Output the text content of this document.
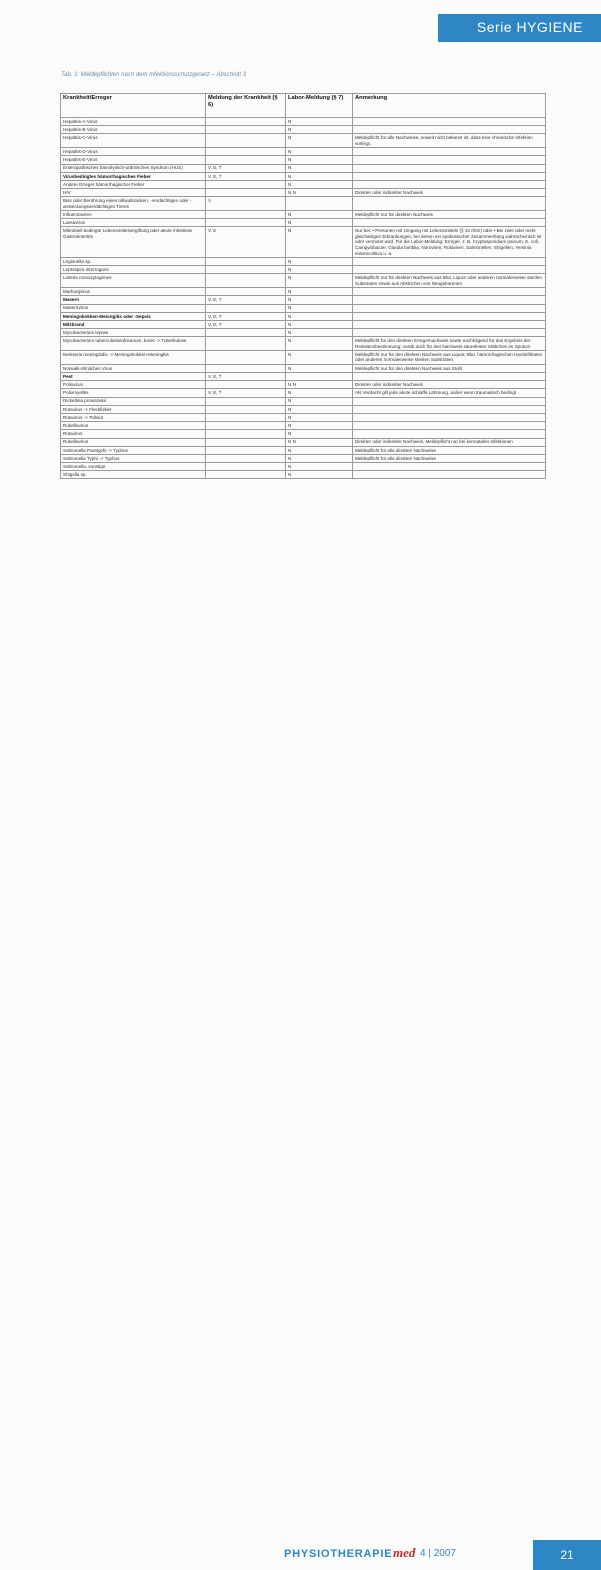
Serie HYGIENE
Tab. 1: Meldepflichten nach dem Infektionsschutzgesetz – Abschnitt 3
Krankheit/Erreger	Meldung der Krankheit (§ 6)	Labor-Meldung (§ 7)	Anmerkung
Hepatitis-A-Virus		N	
Hepatitis-B-Virus		N	
Hepatitis-C-Virus		N	Meldepflicht für alle Nachweise, soweit nicht bekannt ist, dass eine chronische Infektion vorliegt.
Hepatitis-D-Virus		N	
Hepatitis-E-Virus		N	
Enteropathisches hämolytisch-urämisches Syndrom (HUS)	V, E, T	N	
Virusbedingtes hämorrhagisches Fieber	V, E, T	N	
Andere Erreger hämorrhagischer Fieber		N	
HIV		N N	Direkter oder indirekter Nachweis
Biss oder Berührung eines tollwutkranken, -verdächtigen oder -ansteckungsverdächtigen Tieres	V		
Influenzaviren		N	Meldepflicht nur für direkten Nachweis
Lassavirus		N	
Mikrobiell bedingte Lebensmittelvergiftung oder akute infektiöse Gastroenteritis	V, E	N	Nur bei: • Personen mit Umgang mit Lebensmitteln (§ 42 IfSG) oder • Bei zwei oder mehr gleichartigen Erkrankungen, bei denen ein epidemischer Zusammenhang wahrscheinlich ist oder vermutet wird. Für die Labor-Meldung: Erreger, z. B. Cryptosporidium parvum, E. coli, Campylobacter, Giardia lamblia, Noroviren, Rotaviren, Salmonellen, Shigellen, Yersinia enterocolitica u. a.
Legionella sp.		N	
Leptospira interrogans		N	
Listeria monocytogenes		N	Meldepflicht nur für direkten Nachweis aus Blut, Liquor oder anderen normalerweise sterilen Substraten sowie aus Abstrichen von Neugeborenen
Marburgvirus		N	
Masern	V, E, T	N	
Masernvirus		N	
Meningokokken-Meningitis oder -Sepsis	V, E, T	N	
Milzbrand	V, E, T	N	
Mycobacterium leprae		N	
Mycobacterium tuberculosis/africanum, bovis -> Tuberkulose		N	Meldepflicht für den direkten Erregernachweis sowie nachfolgend für das Ergebnis der Resistenzbestimmung; vorab auch für den Nachweis säurefester Stäbchen im Sputum
Neisseria meningitidis -> Meningokokken-Meningitis		N	Meldepflicht nur für den direkten Nachweis aus Liquor, Blut, hämorrhagischen Hautinfiltraten oder anderen normalerweise sterilen Substraten
Norwalk-ähnliches Virus		N	Meldepflicht nur für den direkten Nachweis aus Stuhl
Pest	V, E, T		
Poliovirus		N N	Direkter oder indirekter Nachweis
Poliomyelitis	V, E, T	N	Als Verdacht gilt jede akute schlaffe Lähmung, außer wenn traumatisch bedingt
Rickettsia prowazekii		N	
Rotavirus -> Fleckfieber		N	
Rotavirus -> Tollwut		N	
Rubellavirus		N	
Rotavirus		N	
Rubellavirus		N N	Direkter oder indirekter Nachweis, Meldepflicht nur bei konnatalen Infektionen
Salmonella Paratyphi -> Typhus		N	Meldepflicht für alle direkten Nachweise
Salmonella Typhi -> Typhus		N	Meldepflicht für alle direkten Nachweise
Salmonella, sonstige		N	
Shigella sp.		N	
PHYSIOTHERAPIE med 4 | 2007	21
